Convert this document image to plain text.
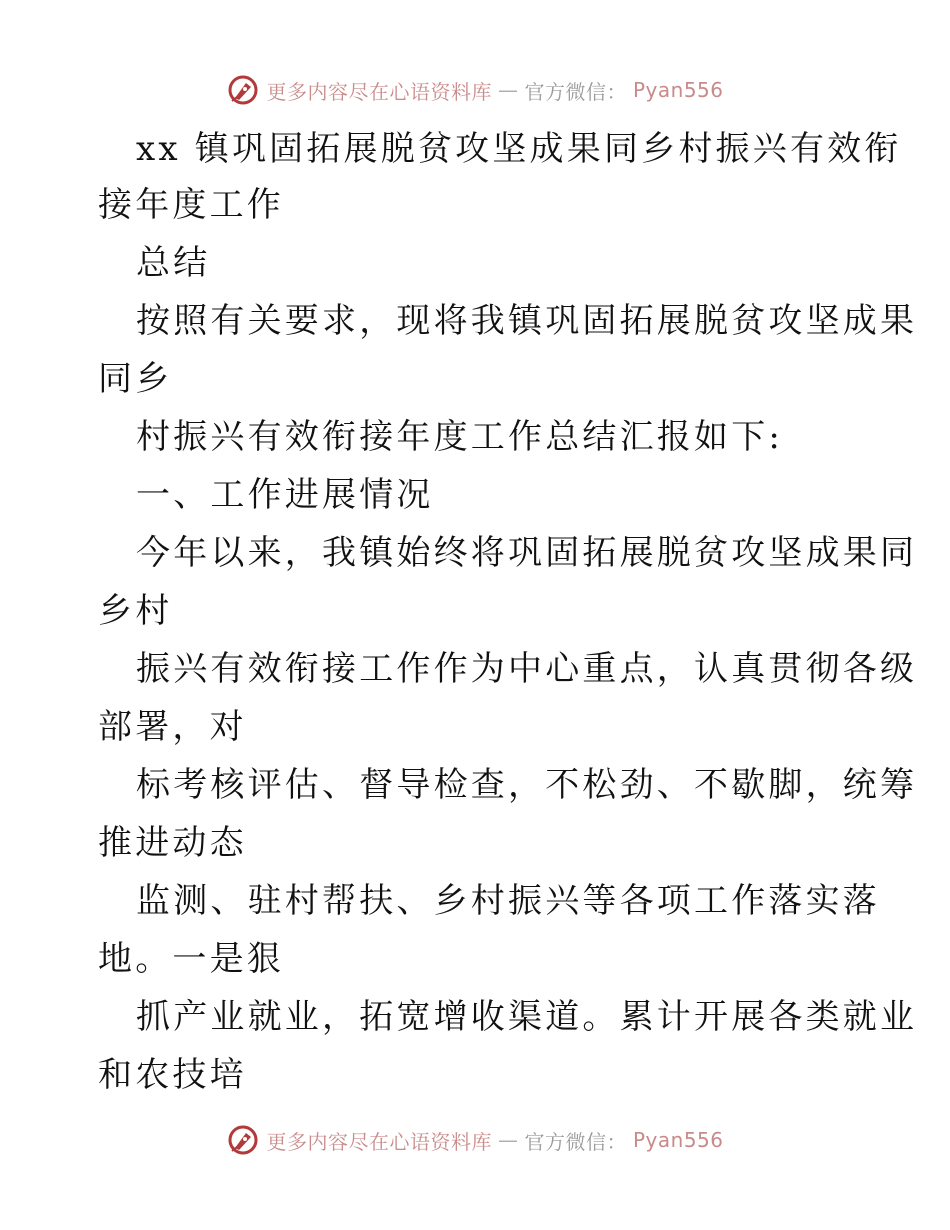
更多内容尽在心语资料库 — 官方微信： Pyan556
xx 镇巩固拓展脱贫攻坚成果同乡村振兴有效衔
接年度工作
总结
按照有关要求，现将我镇巩固拓展脱贫攻坚成果
同乡
村振兴有效衔接年度工作总结汇报如下:
一、工作进展情况
今年以来，我镇始终将巩固拓展脱贫攻坚成果同
乡村
振兴有效衔接工作作为中心重点，认真贯彻各级
部署，对
标考核评估、督导检查，不松劲、不歇脚，统筹
推进动态
监测、驻村帮扶、乡村振兴等各项工作落实落
地。一是狠
抓产业就业，拓宽增收渠道。累计开展各类就业
和农技培
更多内容尽在心语资料库 — 官方微信： Pyan556
